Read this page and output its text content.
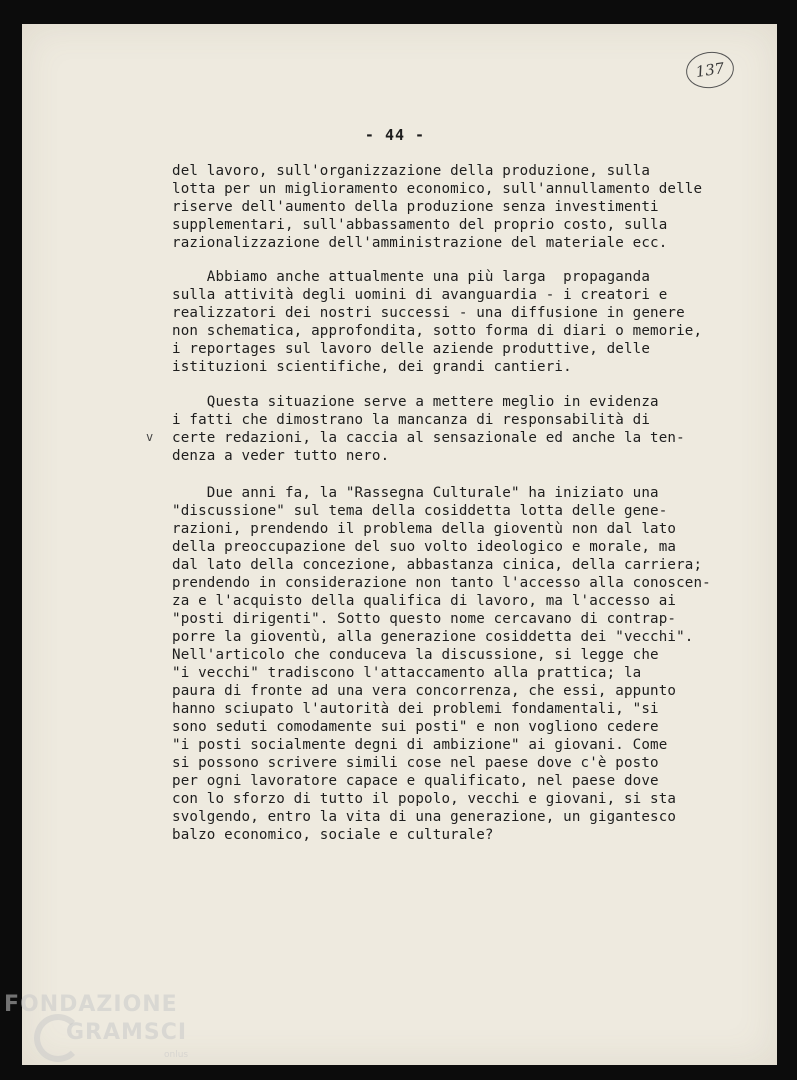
137
- 44 -
v
del lavoro, sull'organizzazione della produzione, sulla
lotta per un miglioramento economico, sull'annullamento delle
riserve dell'aumento della produzione senza investimenti
supplementari, sull'abbassamento del proprio costo, sulla
razionalizzazione dell'amministrazione del materiale ecc.
Abbiamo anche attualmente una più larga  propaganda
sulla attività degli uomini di avanguardia - i creatori e
realizzatori dei nostri successi - una diffusione in genere
non schematica, approfondita, sotto forma di diari o memorie,
i reportages sul lavoro delle aziende produttive, delle
istituzioni scientifiche, dei grandi cantieri.
Questa situazione serve a mettere meglio in evidenza
i fatti che dimostrano la mancanza di responsabilità di
certe redazioni, la caccia al sensazionale ed anche la ten-
denza a veder tutto nero.
Due anni fa, la "Rassegna Culturale" ha iniziato una
"discussione" sul tema della cosiddetta lotta delle gene-
razioni, prendendo il problema della gioventù non dal lato
della preoccupazione del suo volto ideologico e morale, ma
dal lato della concezione, abbastanza cinica, della carriera;
prendendo in considerazione non tanto l'accesso alla conoscen-
za e l'acquisto della qualifica di lavoro, ma l'accesso ai
"posti dirigenti". Sotto questo nome cercavano di contrap-
porre la gioventù, alla generazione cosiddetta dei "vecchi".
Nell'articolo che conduceva la discussione, si legge che
"i vecchi" tradiscono l'attaccamento alla prattica; la
paura di fronte ad una vera concorrenza, che essi, appunto
hanno sciupato l'autorità dei problemi fondamentali, "si
sono seduti comodamente sui posti" e non vogliono cedere
"i posti socialmente degni di ambizione" ai giovani. Come
si possono scrivere simili cose nel paese dove c'è posto
per ogni lavoratore capace e qualificato, nel paese dove
con lo sforzo di tutto il popolo, vecchi e giovani, si sta
svolgendo, entro la vita di una generazione, un gigantesco
balzo economico, sociale e culturale?
FONDAZIONE
GRAMSCI
onlus
